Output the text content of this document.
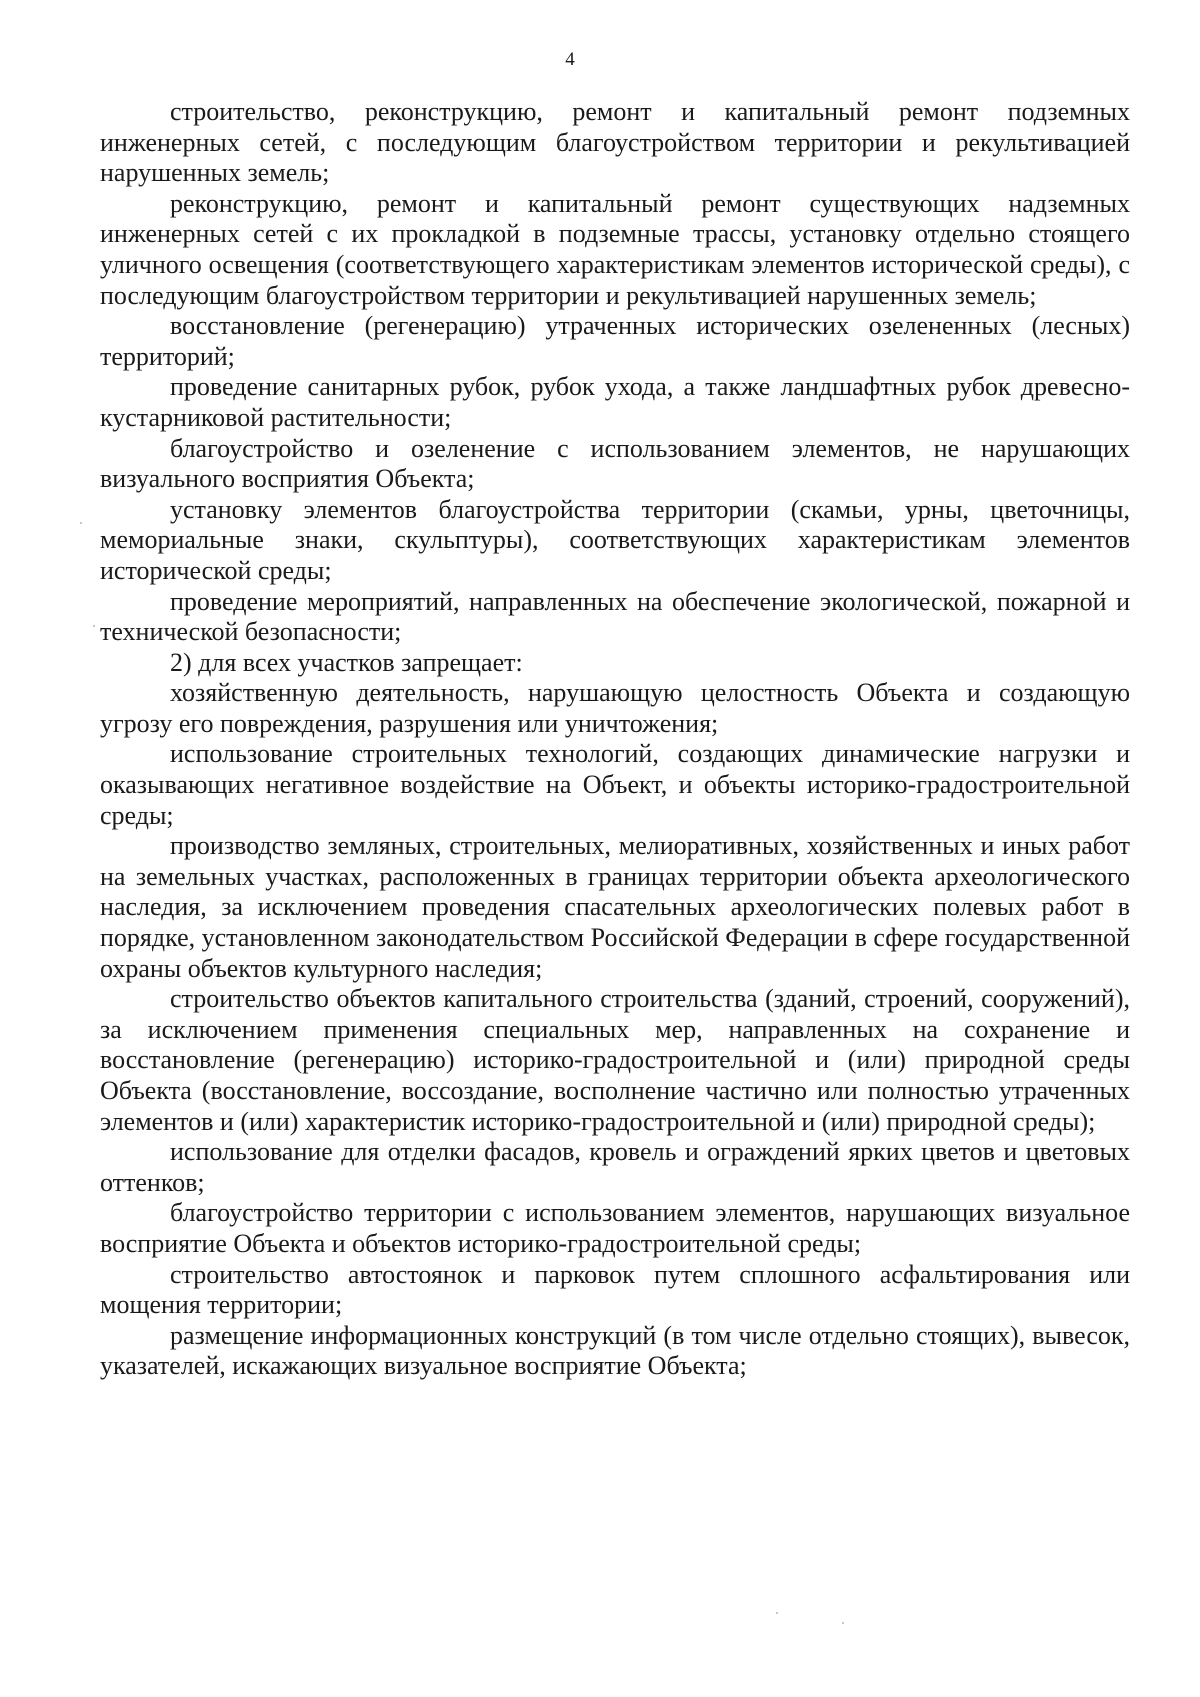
4

строительство, реконструкцию, ремонт и капитальный ремонт подземных инженерных сетей, с последующим благоустройством территории и рекультивацией нарушенных земель;

реконструкцию, ремонт и капитальный ремонт существующих надземных инженерных сетей с их прокладкой в подземные трассы, установку отдельно стоящего уличного освещения (соответствующего характеристикам элементов исторической среды), с последующим благоустройством территории и рекультивацией нарушенных земель;

восстановление (регенерацию) утраченных исторических озелененных (лесных) территорий;

проведение санитарных рубок, рубок ухода, а также ландшафтных рубок древесно-кустарниковой растительности;

благоустройство и озеленение с использованием элементов, не нарушающих визуального восприятия Объекта;

установку элементов благоустройства территории (скамьи, урны, цветочницы, мемориальные знаки, скульптуры), соответствующих характеристикам элементов исторической среды;

проведение мероприятий, направленных на обеспечение экологической, пожарной и технической безопасности;

2) для всех участков запрещает:

хозяйственную деятельность, нарушающую целостность Объекта и создающую угрозу его повреждения, разрушения или уничтожения;

использование строительных технологий, создающих динамические нагрузки и оказывающих негативное воздействие на Объект, и объекты историко-градостроительной среды;

производство земляных, строительных, мелиоративных, хозяйственных и иных работ на земельных участках, расположенных в границах территории объекта археологического наследия, за исключением проведения спасательных археологических полевых работ в порядке, установленном законодательством Российской Федерации в сфере государственной охраны объектов культурного наследия;

строительство объектов капитального строительства (зданий, строений, сооружений), за исключением применения специальных мер, направленных на сохранение и восстановление (регенерацию) историко-градостроительной и (или) природной среды Объекта (восстановление, воссоздание, восполнение частично или полностью утраченных элементов и (или) характеристик историко-градостроительной и (или) природной среды);

использование для отделки фасадов, кровель и ограждений ярких цветов и цветовых оттенков;

благоустройство территории с использованием элементов, нарушающих визуальное восприятие Объекта и объектов историко-градостроительной среды;

строительство автостоянок и парковок путем сплошного асфальтирования или мощения территории;

размещение информационных конструкций (в том числе отдельно стоящих), вывесок, указателей, искажающих визуальное восприятие Объекта;
